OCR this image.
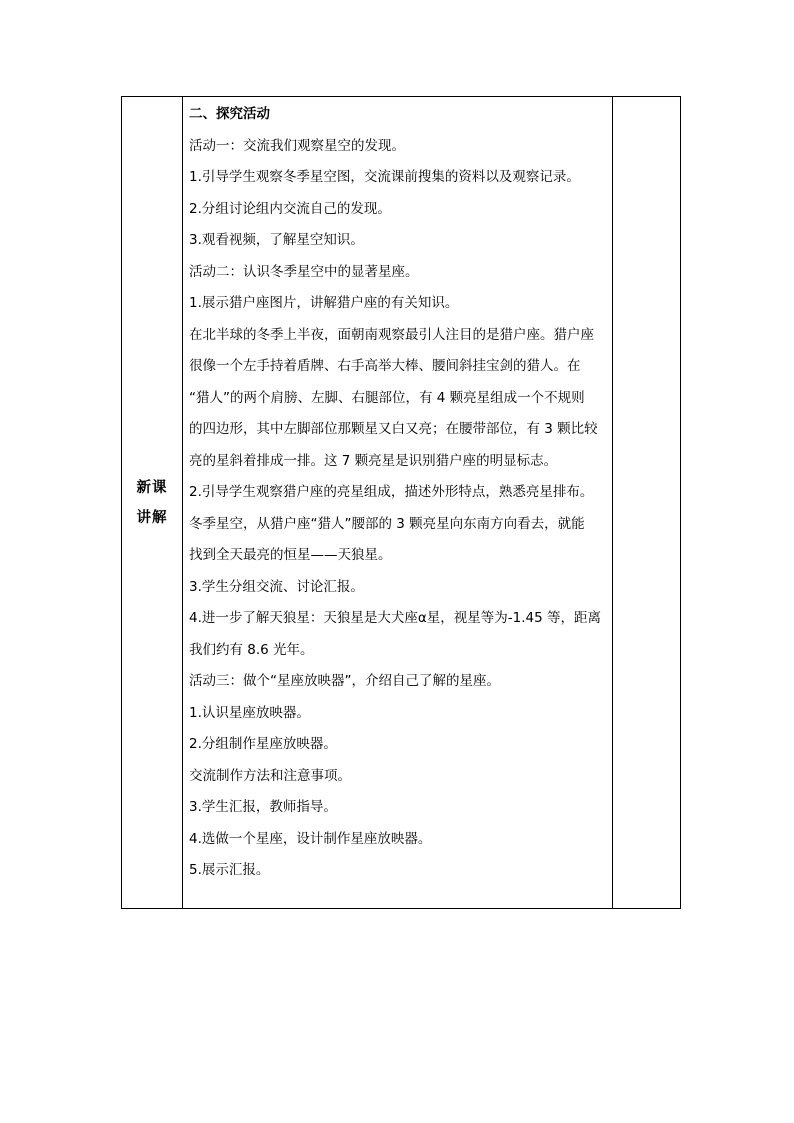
新课
讲解	

二、探究活动

活动一：交流我们观察星空的发现。

1.引导学生观察冬季星空图，交流课前搜集的资料以及观察记录。

2.分组讨论组内交流自己的发现。

3.观看视频，了解星空知识。

活动二：认识冬季星空中的显著星座。

1.展示猎户座图片，讲解猎户座的有关知识。

在北半球的冬季上半夜，面朝南观察最引人注目的是猎户座。猎户座

很像一个左手持着盾牌、右手高举大棒、腰间斜挂宝剑的猎人。在

“猎人”的两个肩膀、左脚、右腿部位，有 4 颗亮星组成一个不规则

的四边形，其中左脚部位那颗星又白又亮；在腰带部位，有 3 颗比较

亮的星斜着排成一排。这 7 颗亮星是识别猎户座的明显标志。

2.引导学生观察猎户座的亮星组成，描述外形特点，熟悉亮星排布。

冬季星空，从猎户座“猎人”腰部的 3 颗亮星向东南方向看去，就能

找到全天最亮的恒星——天狼星。

3.学生分组交流、讨论汇报。

4.进一步了解天狼星：天狼星是大犬座α星，视星等为-1.45 等，距离

我们约有 8.6 光年。

活动三：做个“星座放映器”，介绍自己了解的星座。

1.认识星座放映器。

2.分组制作星座放映器。

交流制作方法和注意事项。

3.学生汇报，教师指导。

4.选做一个星座，设计制作星座放映器。

5.展示汇报。
